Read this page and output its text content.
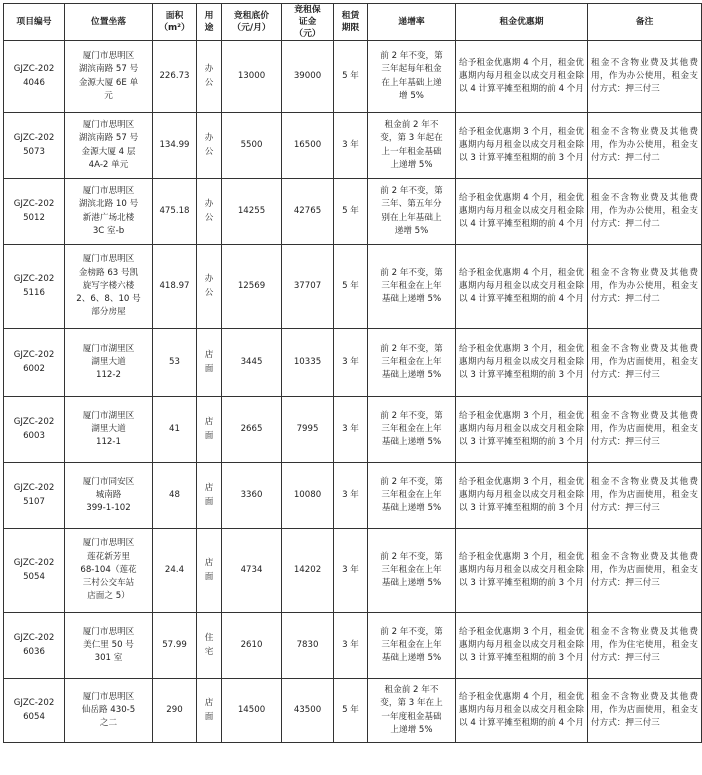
项目编号	位置坐落	面积
（m²）	用
途	竞租底价
（元/月）	竞租保
证金
（元）	租赁
期限	递增率	租金优惠期	备注

GJZC-202
4046	厦门市思明区
湖滨南路 57 号
金源大厦 6E 单
元	226.73	办
公	13000	39000	5 年	前 2 年不变，第
三年起每年租金
在上年基础上递
增 5%	给予租金优惠期 4 个月，租金优惠期内每月租金以成交月租金除以 4 计算平摊至租期的前 4 个月	租金不含物业费及其他费用，作为办公使用，租金支付方式：押三付三

GJZC-202
5073	厦门市思明区
湖滨南路 57 号
金源大厦 4 层
4A-2 单元	134.99	办
公	5500	16500	3 年	租金前 2 年不
变，第 3 年起在
上一年租金基础
上递增 5%	给予租金优惠期 3 个月，租金优惠期内每月租金以成交月租金除以 3 计算平摊至租期的前 3 个月	租金不含物业费及其他费用，作为办公使用，租金支付方式：押二付二

GJZC-202
5012	厦门市思明区
湖滨北路 10 号
新港广场北楼
3C 室-b	475.18	办
公	14255	42765	5 年	前 2 年不变，第
三年、第五年分
别在上年基础上
递增 5%	给予租金优惠期 4 个月，租金优惠期内每月租金以成交月租金除以 4 计算平摊至租期的前 4 个月	租金不含物业费及其他费用，作为办公使用，租金支付方式：押二付二

GJZC-202
5116	厦门市思明区
金榜路 63 号凯
旋写字楼六楼
2、6、8、10 号
部分房屋	418.97	办
公	12569	37707	5 年	前 2 年不变，第
三年租金在上年
基础上递增 5%	给予租金优惠期 4 个月，租金优惠期内每月租金以成交月租金除以 4 计算平摊至租期的前 4 个月	租金不含物业费及其他费用，作为办公使用，租金支付方式：押二付二

GJZC-202
6002	厦门市湖里区
湖里大道
112-2	53	店
面	3445	10335	3 年	前 2 年不变，第
三年租金在上年
基础上递增 5%	给予租金优惠期 3 个月，租金优惠期内每月租金以成交月租金除以 3 计算平摊至租期的前 3 个月	租金不含物业费及其他费用，作为店面使用，租金支付方式：押三付三

GJZC-202
6003	厦门市湖里区
湖里大道
112-1	41	店
面	2665	7995	3 年	前 2 年不变，第
三年租金在上年
基础上递增 5%	给予租金优惠期 3 个月，租金优惠期内每月租金以成交月租金除以 3 计算平摊至租期的前 3 个月	租金不含物业费及其他费用，作为店面使用，租金支付方式：押三付三

GJZC-202
5107	厦门市同安区
城南路
399-1-102	48	店
面	3360	10080	3 年	前 2 年不变，第
三年租金在上年
基础上递增 5%	给予租金优惠期 3 个月，租金优惠期内每月租金以成交月租金除以 3 计算平摊至租期的前 3 个月	租金不含物业费及其他费用，作为店面使用，租金支付方式：押三付三

GJZC-202
5054	厦门市思明区
莲花新芳里
68-104（莲花
三村公交车站
店面之 5）	24.4	店
面	4734	14202	3 年	前 2 年不变，第
三年租金在上年
基础上递增 5%	给予租金优惠期 3 个月，租金优惠期内每月租金以成交月租金除以 3 计算平摊至租期的前 3 个月	租金不含物业费及其他费用，作为店面使用，租金支付方式：押三付三

GJZC-202
6036	厦门市思明区
美仁里 50 号
301 室	57.99	住
宅	2610	7830	3 年	前 2 年不变，第
三年租金在上年
基础上递增 5%	给予租金优惠期 3 个月，租金优惠期内每月租金以成交月租金除以 3 计算平摊至租期的前 3 个月	租金不含物业费及其他费用，作为住宅使用，租金支付方式：押三付三

GJZC-202
6054	厦门市思明区
仙岳路 430-5
之二	290	店
面	14500	43500	5 年	租金前 2 年不
变，第 3 年在上
一年度租金基础
上递增 5%	给予租金优惠期 4 个月，租金优惠期内每月租金以成交月租金除以 4 计算平摊至租期的前 4 个月	租金不含物业费及其他费用，作为店面使用，租金支付方式：押三付三
